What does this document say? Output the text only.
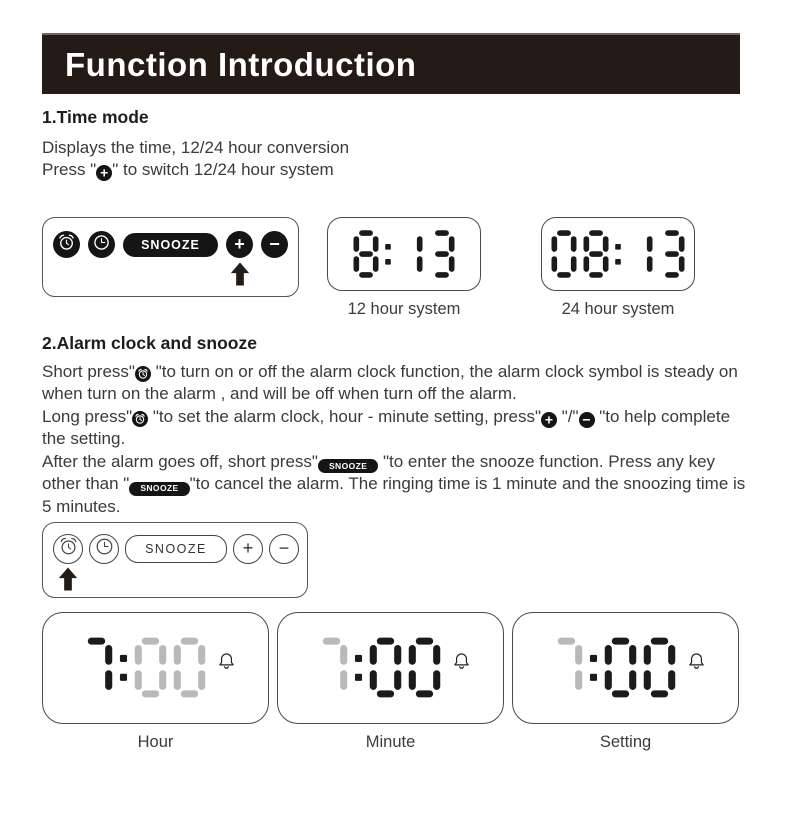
Function Introduction
1.Time mode

Displays the time, 12/24 hour conversion

Press " + " to switch 12/24 hour system

SNOOZE + −
12 hour system	24 hour system
2.Alarm clock and snooze

Short press"
"to turn on or off the alarm clock function, the alarm clock symbol is steady on when turn on the alarm , and will be off when turn off the alarm.

Long press"
"to set the alarm clock, hour - minute setting, press" + "/" − "to help complete the setting.

After the alarm goes off, short press" SNOOZE "to enter the snooze function. Press any key other than " SNOOZE "to cancel the alarm. The ringing time is 1 minute and the snoozing time is 5 minutes.

SNOOZE + −
Hour	Minute	Setting
